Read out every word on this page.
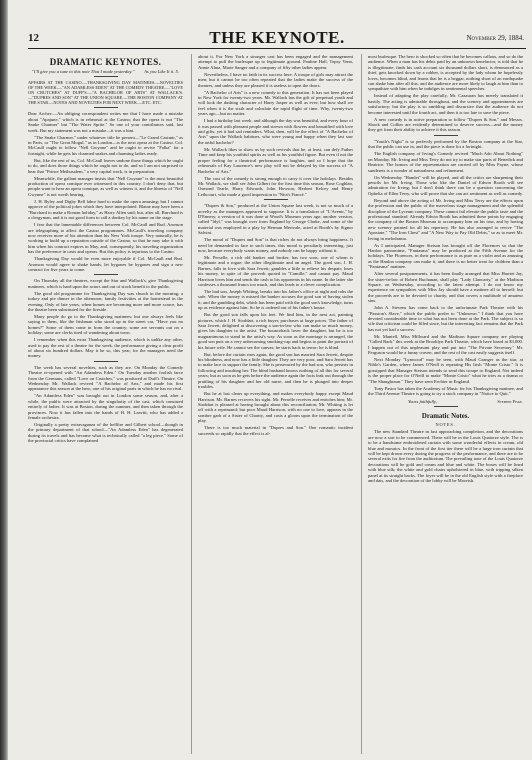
12	THE KEYNOTE.	November 29, 1884.
DRAMATIC KEYNOTES.
"I'll give you a tune to this note That I made yesterday." As you Like It ii. 5.
AFFAIRS AT THE CASINO.—THANKSGIVING DAY MATINEES.—NOVELTIES OF THE WEEK.—"AN ADAMLESS EDEN" AT THE COMEDY THEATRE.—"LOVE ON CRUTCHES" AT DUFF'S.—"A BACHELOR OF ARTS" AT WALLACK'S.—"DUPRES AND SON" AT THE UNION SQUARE.—THE BOSTON COMPANY AT THE STAR.—NOTES AND NOVELTIES FOR NEXT WEEK.—ETC. ETC.

Dear Archer:—An obliging correspondent writes me that I have made a mistake about "Apajune," which is in rehearsal at the Casino; that the opera is not "The Snake Charmer" but "The Water Sprite." So one of your contributors said, last week. But my statement was not a mistake—it was a hint.

"The Snake Charmer," under whatever title be present—"Le Grand Casimir," as in Paris, or "The Great Mogul," as in London—is the next opera at the Casino. Col. McCaull ought to follow "Nell Gwynne" and be ought to revive "Falka" for a fortnight, while he gets his charmed snakes and charming ladies ready.

But, like the rest of us, Col. McCaull leaves undone those things which he ought to do, and does those things which he ought not to do, and so I am not surprised to hear that "Prince Methusalem," a very capital work, is in preparation.

Meanwhile, the gallant manager insists that "Nell Gwynne" is the most beautiful production of opera comique ever witnessed in this country. I don't deny that, but people want to hear an opera comique, as well as witness it, and the libretto of "Nell Gwynne" is not worth hearing.

J. H. Ryley and Digby Bell labor hard to make the opera amusing; but I cannot approve of the political jokes which they have interpolated. Blaine may have been a "Burchard to make a Roman holiday," as Harry Allen said; but, after all, Burchard is a clergyman, and it is not good form to call a donkey by his name on the stage.

I fear that the lamentable differences between Col. McCaull and Rud. Aronson are telegraphing to affect the Casino programmes. McCaull's traveling company now receives more of his attention than his New York troupe. Very naturally, he is working to build up a reputation outside of the Casino, so that he may take it with him when his contract expires in May, and, consequently, his traveling organization has the preference in casts and operas. But this policy is injurious to the Casino.

Thanksgiving Day would be even more enjoyable if Col. McCaull and Rud. Aronson would agree to shake hands, let bygones be bygones and sign a new contract for five years to come.

On Thursday all the theatres, except the Star and Wallack's, give Thanksgiving matinees, which is hard upon the actors and out of stock benefit to the public.

The good old programme for Thanksgiving Day was church in the morning; a turkey and pie dinner in the afternoon; family festivities at the homestead in the evening. Only of late years, when homes are becoming more and more scarce, has the theatre been substituted for the fireside.

Many people do go to the Thanksgiving matinees; but one always feels like saying to them, like the Irishman who stood up in the street car, "Have you no homes?" Some of them come in from the country; some are servants out on a holiday; some are clerks tired of wandering about town.

I remember when this extra Thanksgiving audience, which is unlike any other, used to pay the rest of a theatre for the week, the performance giving a clear profit of about six hundred dollars. May it be so, this year, for the managers need the money.

The week has several novelties, such as they are. On Monday the Comedy Theatre re-opened with "An Adamless Eden." On Tuesday another foolish farce from the Germans, called "Love on Crutches," was produced at Duff's Theatre. On Wednesday Mr. Wallack revived "A Bachelor of Arts," and made his first appearance this season at the hero, one of his original parts in which he has no rival.

"An Adamless Eden" was brought out in London some season, and, after a while, the public were attracted by the singularity of the cast, which consisted entirely of ladies. It was at Boston, during the summer, and then taken through the provinces. Now it has fallen into the hands of H. H. Leavitt, who has added a female orchestra.

Originally a pretty extravaganza of the hellfire and Gilbert school—though in the primary department of that school—"An Adamless Eden" has degenerated during its travels and has become what is technically called "a leg piece." Some of the provincial critics have complained

about it. For New York a stronger cast has been engaged and the management attempt to pull the burlesque up to legitimate ground. Pauline Hall, Topsy Venn, Annie Alma, Marie Sanger and a company of fifty other ladies appear.

Nevertheless, I have no faith in its success here. A troupe of girls may attract the men; but it cannot be too often repeated that the ladies make the success of the theatres, and unless they are pleased it is useless to open the doors.

"A Bachelor of Arts" is a new comedy to this generation. It has not been played in New York for twenty-two years. Mr. Wallack has the gift of perpetual youth and will look the dashing character of Harry Jasper as well as ever; but how shall we feel when it is the sixth and calculate the rapid flight of time. Why, twenty-two years ago—but no matter.

I had a birthday last week, and although the day was beautiful, and every hour of it was passed with pleasant people and strewn with flowers and beautified with love and gifts; yet it had sad reminders. What, then, will be the effect of "A Bachelor of Arts" upon the Wallack habitues, who were young and happy when they last saw the artful bachelor?

Mr. Wallack likes to show us by such revivals that he, at least, can defy Father Time and keep his youthful spirits as well as his youthful figure. But even if not the proper feeling for a theatrical performance is laughter, and so I hope that the rehearsals of Kay Laurence's new play will not be delayed by the success of "A Bachelor of Arts."

The cast of the comedy is strong enough to carry it over the holidays. Besides Mr. Wallack, we shall see John Gilbert for the first time this season, Rose Coghlan, Osmond Tearle, Harry Edwards, John Howson, Herbert Kelcey and Henry Lethcourt, who made a good impression in "Nita's Fiancé."

"Dupres & Son," produced at the Union Square last week, is not so much of a novelty as the managers appeared to suppose. It is a translation of "L'Avenir," by D'Ennery, a version of it was done at Wood's Museum years ago; another version, called "Idyl," was brought over from England by George Clarke, and some of the material was employed in a play by Herman Merivale, acted at Booth's by Signor Salvini.

The moral of "Dupres and Son" is that riches do not always bring happiness. It need be demanded in face to such times, this moral is peculiarly interesting, just now, because everybody wants money, and nobody can be happy without it.

Mr. Perselle, a rich old banker and broker, has two sons, one of whom is legitimate and a rogue; the other illegitimate and an angel. The good son, J. H. Barnes, falls in love with Sara Jewett; gambles a little to relieve his despair; loses his money, in spite of the proverb quoted in "Camille," and cannot pay. Maud Harrison loves him and sends the cash to his opponents in his name. In the latter she confesses a thousand francs too much, and this leads to a clever complication.

The bad son, Joseph Whiting, breaks into his father's office at night and robs the safe. When the money is missed the banker accuses the good son of having stolen it; and the gambling debt, which has been paid with the good son's knowledge, turns up as evidence against him. So he is ordered out of his father's house.

But the good son falls upon his feet. We find him, in the next act, painting pictures, which J. H. Stoddart, a rich buyer, purchases at large prices. The father of Sara Jewett, delighted at discovering a son-in-law who can make so much money, gives his daughter to the artist. The bounceback lover the daughter, but he is too magnanimous to stand in the artist's way. As soon as the marriage is arranged, the good son puts on a very unbecoming smoking-cap and begins to paint the portrait of his future wife. He cannot see the canvas; he starts back in terror; he is blind.

But, before the curtain rises again, the good son has married Sara Jewett, despite his blindness, and now has a little daughter. They are very poor, and Sara Jewett has to make lace to support the family. She is persecuted by the bad son, who persists in following and insulting her. The blind husband knows nothing of all this for several years; but as soon as he gets before the audience again the facts leak out through the prattling of his daughter and her old nurse, and then he is plunged into deeper troubles.

But he at last clears up everything, and makes everybody happy except Maud Harrison. Mr. Barnes recovers his sight. Mr. Perselle receives and enriches him; Mr. Stoddart is pleased at having brought about this reconciliation; Mr. Whiting is let off with a reprimand; but poor Maud Harrison, with no one to love, appears in the sombre garb of a Sister of Charity, and casts a gloom upon the termination of the play.

There is too much material in "Dupres and Son." One romantic incident succeeds so rapidly that the effect is al-

most burlesque. The hero is shocked so often that he becomes callous, and so do the audience. When a man has his debts paid by an unknown benefactor, is told that he is illegitimate, finds his cash account six thousand dollars short, is denounced as a thief, gets knocked down by a robber, is accepted by the lady whom he hopelessly loves, becomes blind, and learns that he is a beggar, nothing short of an earthquake can shake him after all this, and the audience are more likely to laugh at him than to sympathize with him when he indulges in sentimental speeches.

Instead of adapting the play carefully, Mr. Cazauran has merely translated it hastily. The acting is admirable throughout, and the scenery and appointments are satisfactory; but the play is so rambling and discursive that the audience do not become interested until the fourth act, and then it is too late to save the piece.

A new comedy is in active preparation to follow "Dupres & Son," and Messrs. Shook and Collier are evidently determined to deserve success—and the money they get from their ability to achieve it this season.

"Youth's Night" is so perfectly performed by the Boston company at the Star, that the public can use in, and the piece is done for a fortnight.

The English company of Irving's Comedy revived "Much Ado About Nothing" on Monday, Mr. Irving and Miss Terry do not try to make star parts of Benedick and Beatrice. The honors of the representation are carried off by Miss Payne, whose sunderets is a wonder of naturalness and refinement.

On Wednesday "Hamlet" will be played, and all the critics are sharpening their pencils for Mr. Irving. Those who like the Daniel of Edwin Booth will see admiration for Irving, but I don't think there can be a question concerning the Ophelia of Ellen Terry, who will prove that she can act sentiment as well as comedy.

Beyond and above the acting of Mr. Irving and Miss Terry are the effects upon the profession and the public of the marvelous stage management and the splendid discipline of the Lyceum company. These cannot fail elevate the public taste and the professional standard. Already Edwin Booth has admitted these points by engaging the company of the Boston Museum to accompany him on his tour, and by having new scenery painted for all his repertory. He has also arranged to revive "The Apostate," "The Iron Chest" and "A New Way to Pay Old Debts," so as to meet Mr. Irving in melodrama.

As I anticipated, Manager Stetson has brought off the Florences so that the Hanlon pantomime, "Fantasma" may be produced at the Fifth Avenue for the holidays. The Florences, in their performance is as pure as a violet and as amusing as the Hanlon company can make it, and there is no better treat for children than a "Fantasma" matinee.

After several postponements, it has been finally arranged that Miss Harriet Jay, the sister-in-law of Robert Buchanan, shall play "Lady Clancarty," at the Madison Square, on Wednesday, according to the latest attempt. I do not know my experience on sympathies with Miss Jay should have a matinee all to herself; but the proceeds are to be devoted to charity, and that covers a multitude of amateur sins.

John A. Stevens has come back to the unfortunate Park Theatre with his "Passion's Slave," which the public prefer to "Unknown." I think that you have devoted considerable time to what has not been done at the Park. The subject is so vile that criticism could be filled since, but the interesting fact remains that the Park has not yet had a success.

Mr. Mantell, Miss Millward and the Madison Square company are playing "Called Back" this week at the Brooklyn Park Theatre, which have heard at $3,000. I happen out of this unpleasant play and put into "The Private Secretary." Mr. Ferguson would be a funny craven, and the rest of the cast easily suggests itself.

Next Monday "Lynwood" may be seen, with Maud Granger as the star, at Niblo's Garden, where James O'Neill is repeating His Irish "Monte Cristo." It is gossipped that Manager Stetson intends to send this troupe to England. Not indeed is the proper place for O'Neill to make "Monte Cristo" what he tries as a drama or "The Shaughraun." They have seen Fechter in England.

Tony Pastor has taken the Academy of Music for his Thanksgiving matinee, and the Third Avenue Theatre is going to try a stock company in "Notice to Quit."

Stephen Fiske.
Yours faithfully,
Dramatic Notes.
NOTES.

The new Standard Theatre in fast approaching completion, and the decorations are now a sort to be commenced. These will be in the Louis Quatorze style. The is to be a handsome embroidered curtain with some wonderful effects in cream, old blue and mosaics. In the front of the first tier there will be a large iron curtain that will be kept drawn every during the progress of the performance, and there are to be several exits for fire from the auditorium. The prevailing tone of the Louis Quatorze decorations will be gold and cream and blue and white. The boxes will be lined with blue silk; the white and gold chairs upholstered in blue, with tripping silken panel at its straight backs. The foyer will be in the old English style with a fireplace and dais, and the decoration of the lobby will be Moorish.
